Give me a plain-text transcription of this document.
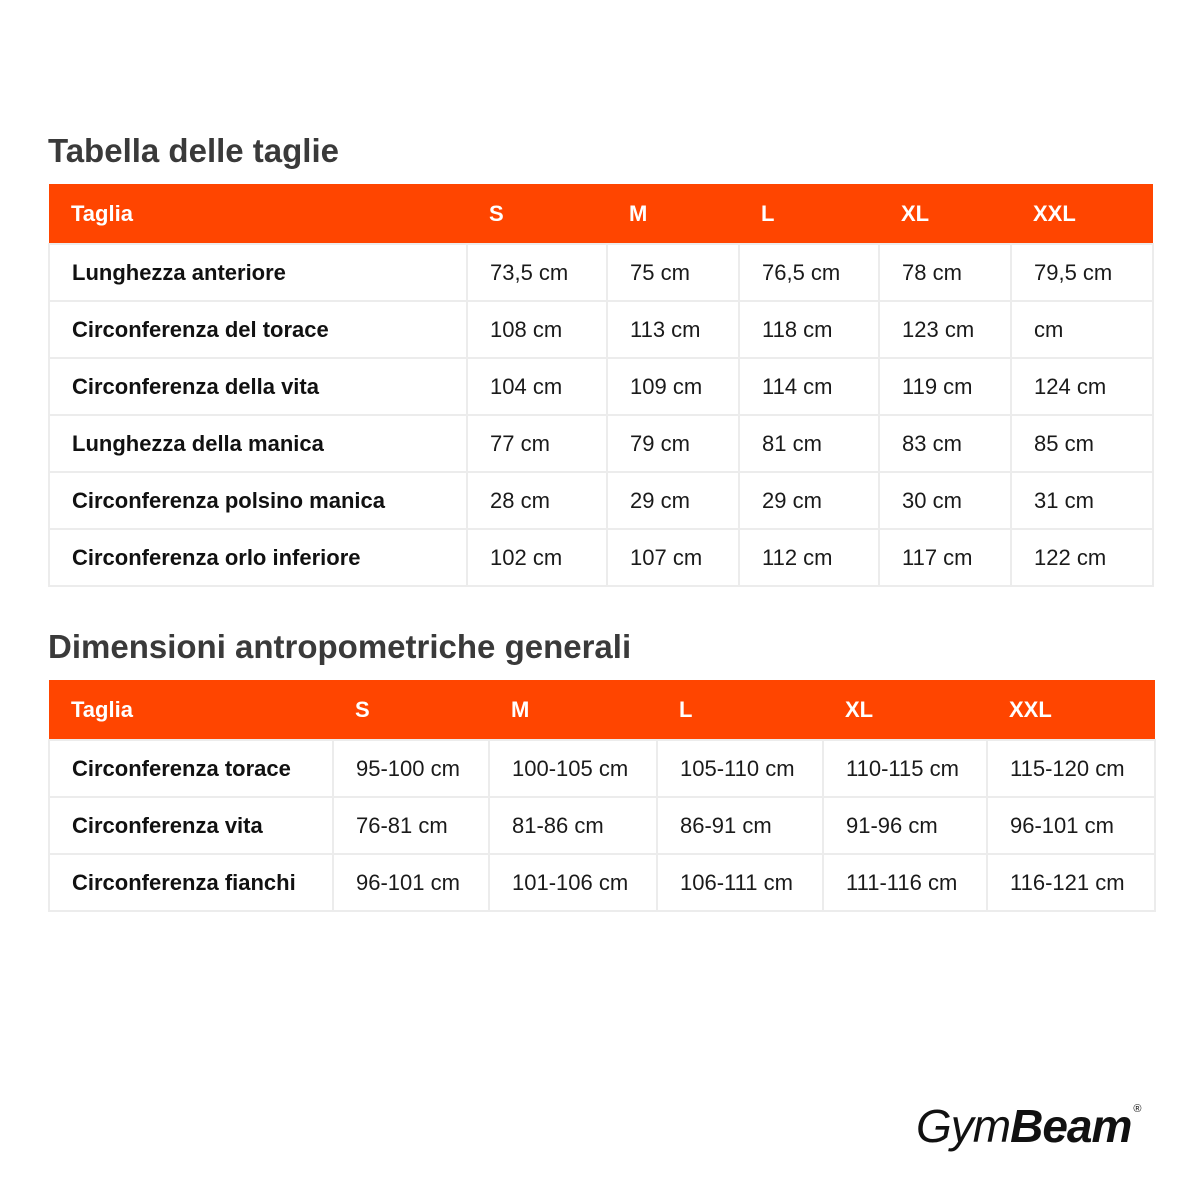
Tabella delle taglie
Taglia	S	M	L	XL	XXL
Lunghezza anteriore	73,5 cm	75 cm	76,5 cm	78 cm	79,5 cm
Circonferenza del torace	108 cm	113 cm	118 cm	123 cm	cm
Circonferenza della vita	104 cm	109 cm	114 cm	119 cm	124 cm
Lunghezza della manica	77 cm	79 cm	81 cm	83 cm	85 cm
Circonferenza polsino manica	28 cm	29 cm	29 cm	30 cm	31 cm
Circonferenza orlo inferiore	102 cm	107 cm	112 cm	117 cm	122 cm
Dimensioni antropometriche generali
Taglia	S	M	L	XL	XXL
Circonferenza torace	95-100 cm	100-105 cm	105-110 cm	110-115 cm	115-120 cm
Circonferenza vita	76-81 cm	81-86 cm	86-91 cm	91-96 cm	96-101 cm
Circonferenza fianchi	96-101 cm	101-106 cm	106-111 cm	111-116 cm	116-121 cm
Gym Beam ®
